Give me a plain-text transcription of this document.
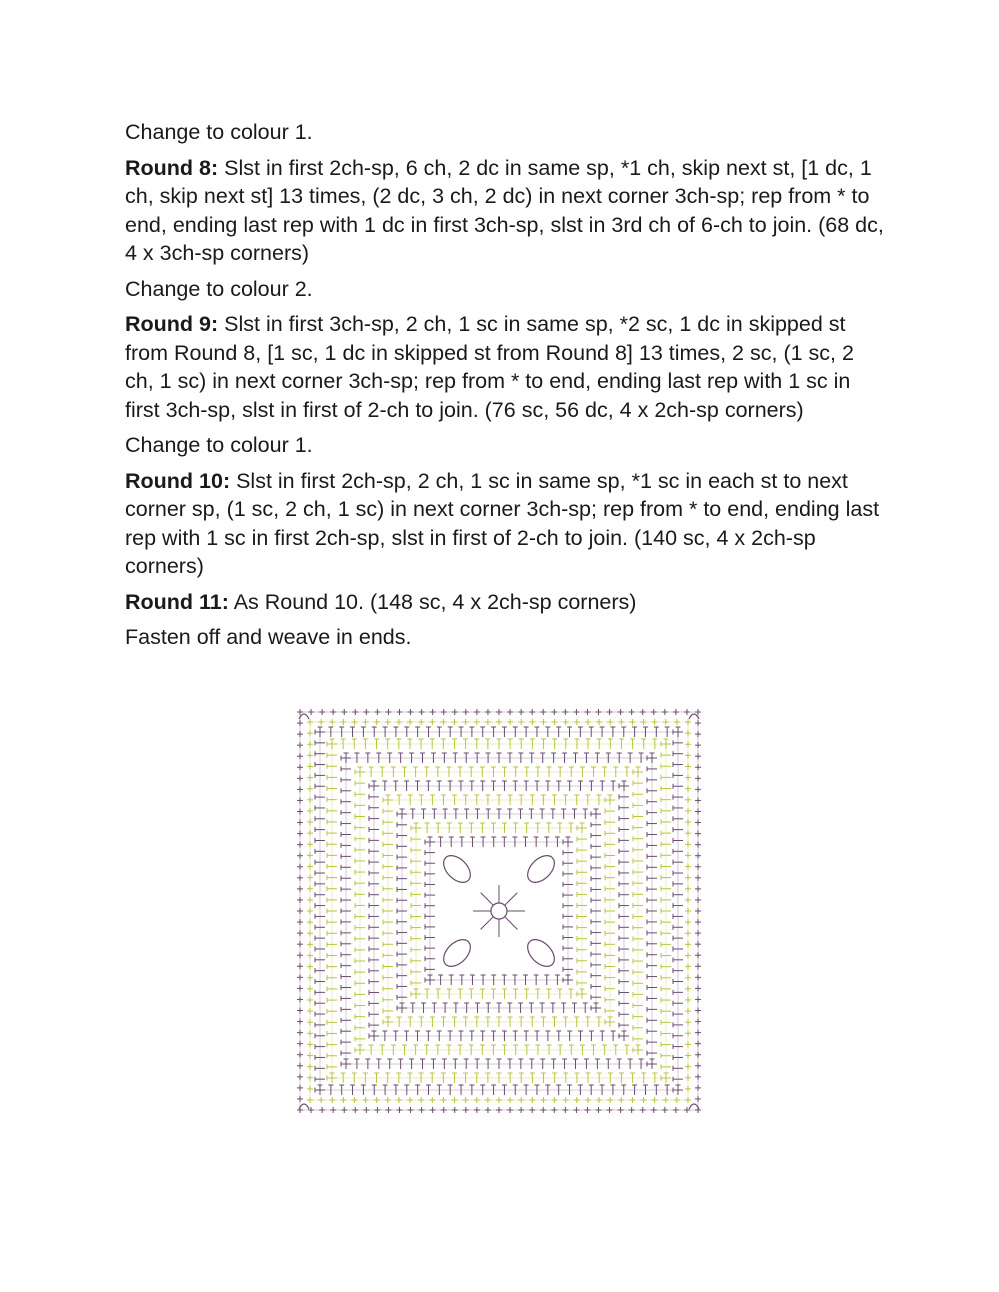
Change to colour 1.

Round 8: Slst in first 2ch-sp, 6 ch, 2 dc in same sp, *1 ch, skip next st, [1 dc, 1 ch, skip next st] 13 times, (2 dc, 3 ch, 2 dc) in next corner 3ch-sp; rep from * to end, ending last rep with 1 dc in first 3ch-sp, slst in 3rd ch of 6-ch to join. (68 dc, 4 x 3ch-sp corners)

Change to colour 2.

Round 9: Slst in first 3ch-sp, 2 ch, 1 sc in same sp, *2 sc, 1 dc in skipped st from Round 8, [1 sc, 1 dc in skipped st from Round 8] 13 times, 2 sc, (1 sc, 2 ch, 1 sc) in next corner 3ch-sp; rep from * to end, ending last rep with 1 sc in first 3ch-sp, slst in first of 2-ch to join. (76 sc, 56 dc, 4 x 2ch-sp corners)

Change to colour 1.

Round 10: Slst in first 2ch-sp, 2 ch, 1 sc in same sp, *1 sc in each st to next corner sp, (1 sc, 2 ch, 1 sc) in next corner 3ch-sp; rep from * to end, ending last rep with 1 sc in first 2ch-sp, slst in first of 2-ch to join. (140 sc, 4 x 2ch-sp corners)

Round 11: As Round 10. (148 sc, 4 x 2ch-sp corners)

Fasten off and weave in ends.
